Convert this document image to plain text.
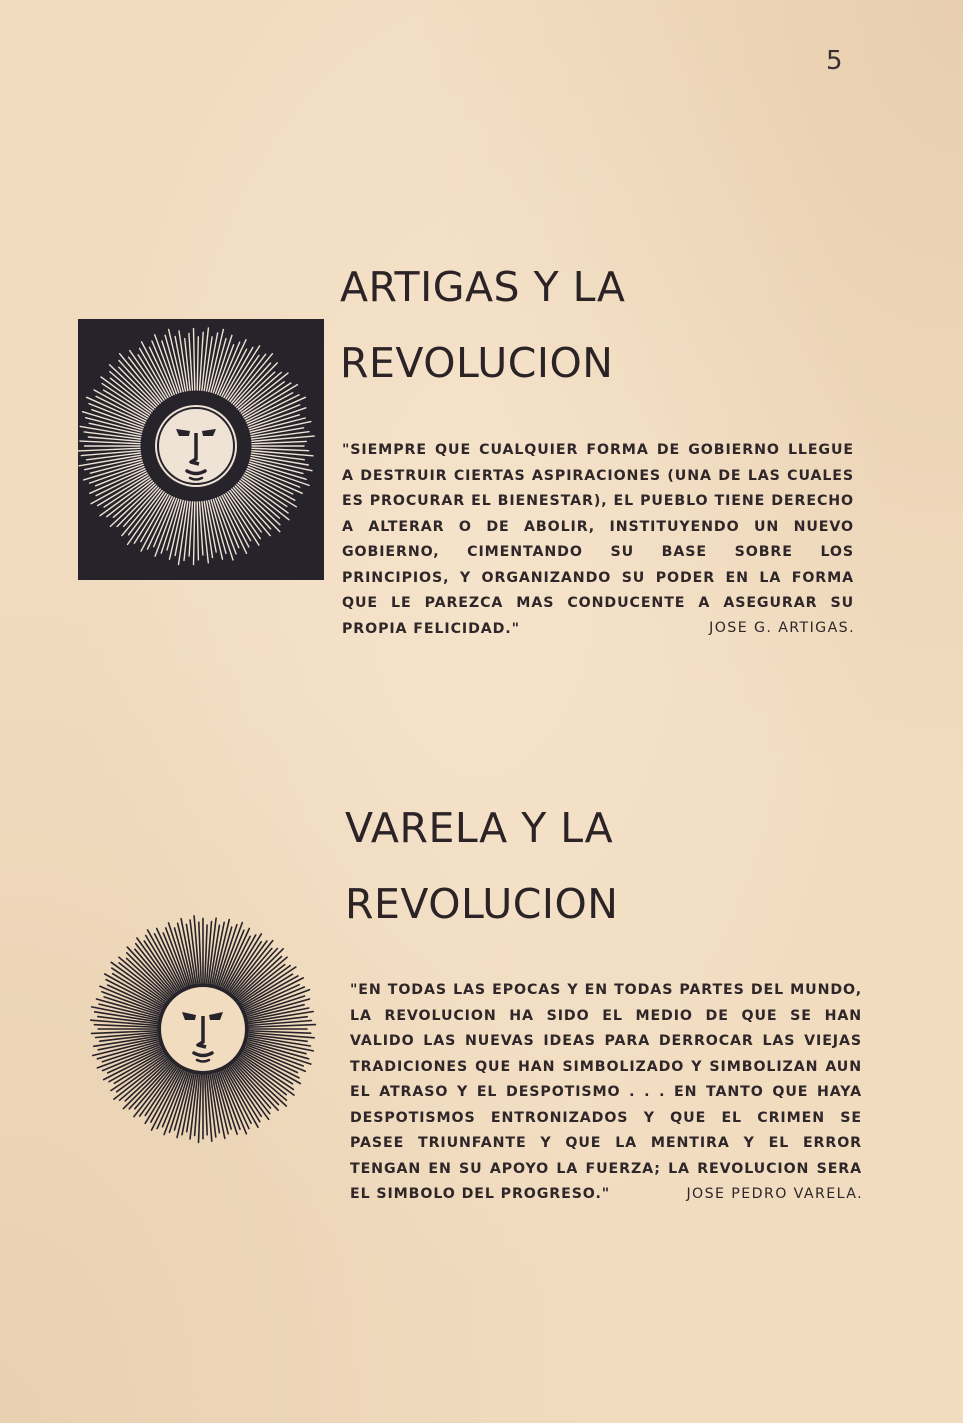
5
ARTIGAS Y LA
REVOLUCION

"SIEMPRE QUE CUALQUIER FORMA DE GOBIERNO LLEGUE A DESTRUIR CIERTAS ASPIRACIONES (UNA DE LAS CUALES ES PROCURAR EL BIENESTAR), EL PUEBLO TIENE DERECHO A ALTERAR O DE ABOLIR, INSTITUYENDO UN NUEVO GOBIERNO, CIMENTANDO SU BASE SOBRE LOS PRINCIPIOS, Y ORGANIZANDO SU PODER EN LA FORMA QUE LE PAREZCA MAS CONDUCENTE A ASEGURAR SU PROPIA FELICIDAD."	JOSE G. ARTIGAS.

VARELA Y LA
REVOLUCION

"EN TODAS LAS EPOCAS Y EN TODAS PARTES DEL MUNDO, LA REVOLUCION HA SIDO EL MEDIO DE QUE SE HAN VALIDO LAS NUEVAS IDEAS PARA DERROCAR LAS VIEJAS TRADICIONES QUE HAN SIMBOLIZADO Y SIMBOLIZAN AUN EL ATRASO Y EL DESPOTISMO . . . EN TANTO QUE HAYA DESPOTISMOS ENTRONIZADOS Y QUE EL CRIMEN SE PASEE TRIUNFANTE Y QUE LA MENTIRA Y EL ERROR TENGAN EN SU APOYO LA FUERZA; LA REVOLUCION SERA EL SIMBOLO DEL PROGRESO."	JOSE PEDRO VARELA.
